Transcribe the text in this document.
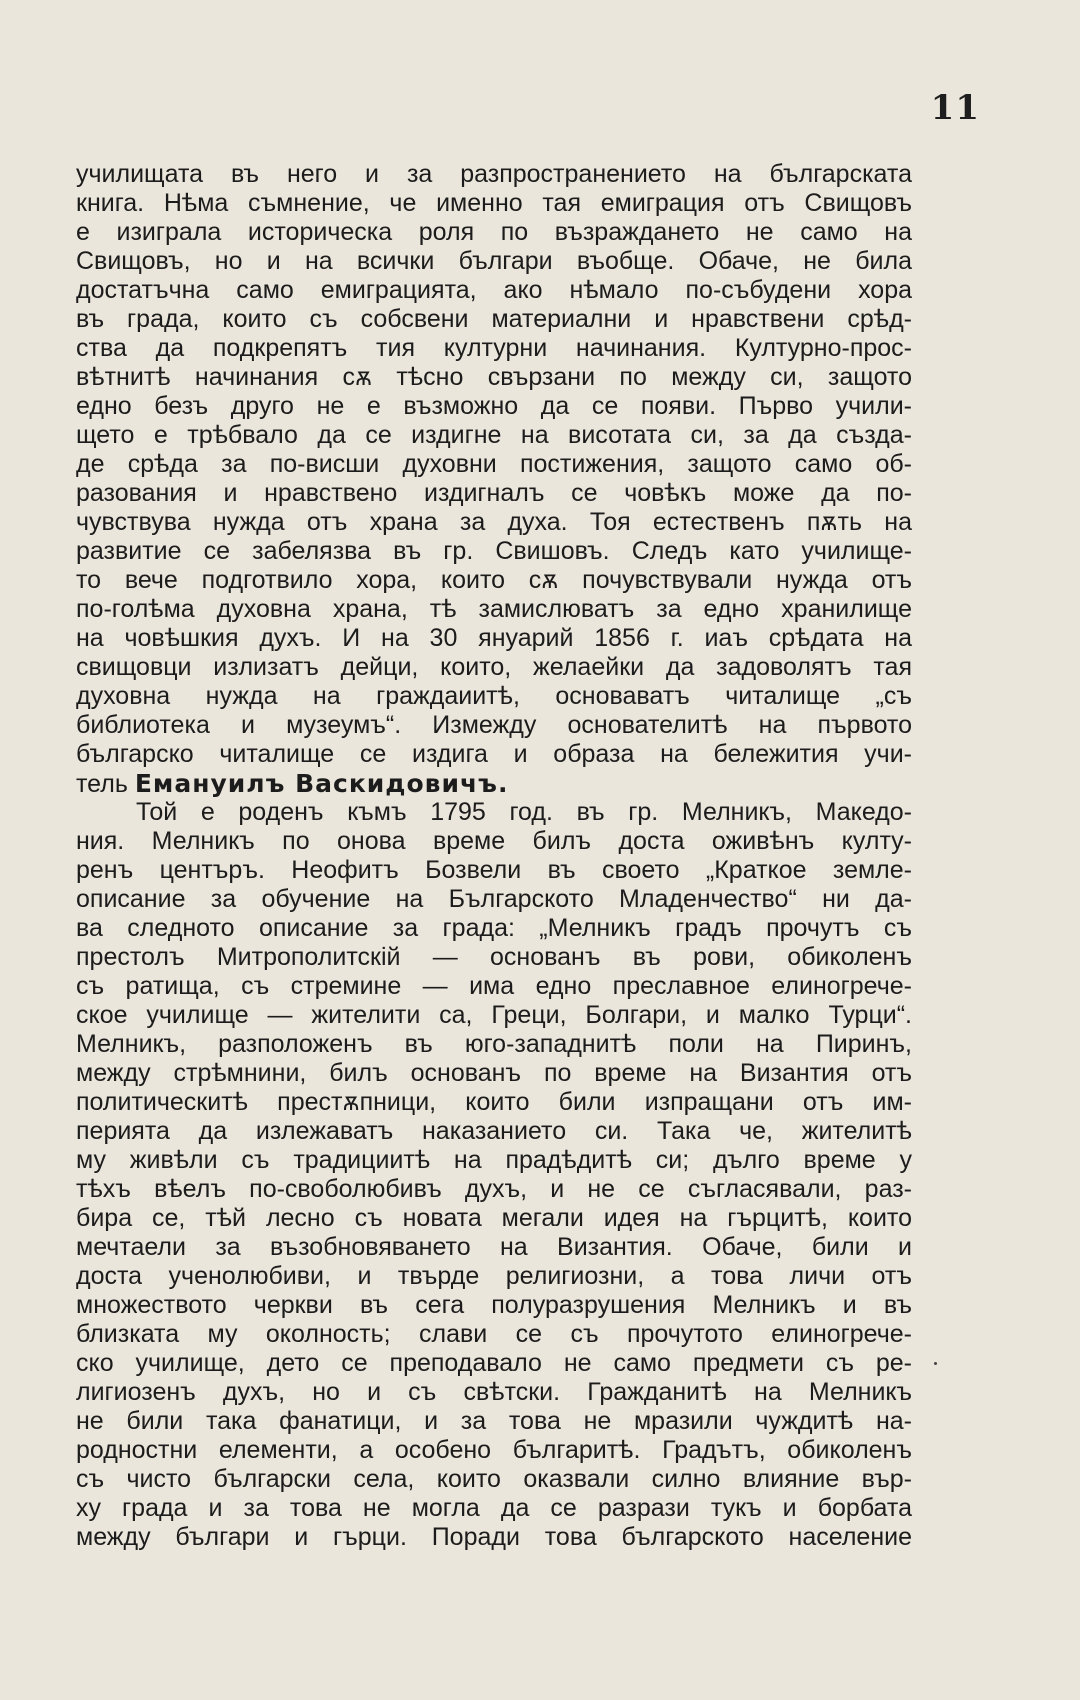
11
училищата въ него и за разпространението на българската
книга. Нѣма съмнение, че именно тая емиграция отъ Свищовъ
е изиграла историческа роля по възраждането не само на
Свищовъ, но и на всички българи въобще. Обаче, не била
достатъчна само емиграцията, ако нѣмало по-събудени хора
въ града, които съ собсвени материални и нравствени срѣд-
ства да подкрепятъ тия културни начинания. Културно-прос-
вѣтнитѣ начинания сѫ тѣсно свързани по между си, защото
едно безъ друго не е възможно да се появи. Първо учили-
щето е трѣбвало да се издигне на висотата си, за да създа-
де срѣда за по-висши духовни постижения, защото само об-
разования и нравствено издигналъ се човѣкъ може да по-
чувствува нужда отъ храна за духа. Тоя естественъ пѫть на
развитие се забелязва въ гр. Свишовъ. Следъ като училище-
то вече подготвило хора, които сѫ почувствували нужда отъ
по-голѣма духовна храна, тѣ замислюватъ за едно хранилище
на човѣшкия духъ. И на 30 януарий 1856 г. иаъ срѣдата на
свищовци излизатъ дейци, които, желаейки да задоволятъ тая
духовна нужда на граждаиитѣ, основаватъ читалище „съ
библиотека и музеумъ“. Измежду основателитѣ на първото
българско читалище се издига и образа на бележития учи-
тель Емануилъ Васкидовичъ.
Той е роденъ къмъ 1795 год. въ гр. Мелникъ, Македо-
ния. Мелникъ по онова време билъ доста оживѣнъ култу-
ренъ центъръ. Неофитъ Бозвели въ своето „Краткое земле-
описание за обучение на Българското Младенчество“ ни да-
ва следното описание за града: „Мелникъ градъ прочутъ съ
престолъ Митрополитскій — основанъ въ рови, обиколенъ
съ ратища, съ стремине — има едно преславное елиногрече-
ское училище — жителити са, Греци, Болгари, и малко Турци“.
Мелникъ, разположенъ въ юго-западнитѣ поли на Пиринъ,
между стрѣмнини, билъ основанъ по време на Византия отъ
политическитѣ престѫпници, които били изпращани отъ им-
перията да излежаватъ наказанието си. Така че, жителитѣ
му живѣли съ традициитѣ на прадѣдитѣ си; дълго време у
тѣхъ вѣелъ по-своболюбивъ духъ, и не се съгласявали, раз-
бира се, тѣй лесно съ новата мегали идея на гърцитѣ, които
мечтаели за възобновяването на Византия. Обаче, били и
доста ученолюбиви, и твърде религиозни, а това личи отъ
множеството черкви въ сега полуразрушения Мелникъ и въ
близката му околность; слави се съ прочутото елиногрече-
ско училище, дето се преподавало не само предмети съ ре-
лигиозенъ духъ, но и съ свѣтски. Гражданитѣ на Мелникъ
не били така фанатици, и за това не мразили чуждитѣ на-
родностни елементи, а особено българитѣ. Градътъ, обиколенъ
съ чисто български села, които оказвали силно влияние вър-
ху града и за това не могла да се разрази тукъ и борбата
между българи и гърци. Поради това българското население
